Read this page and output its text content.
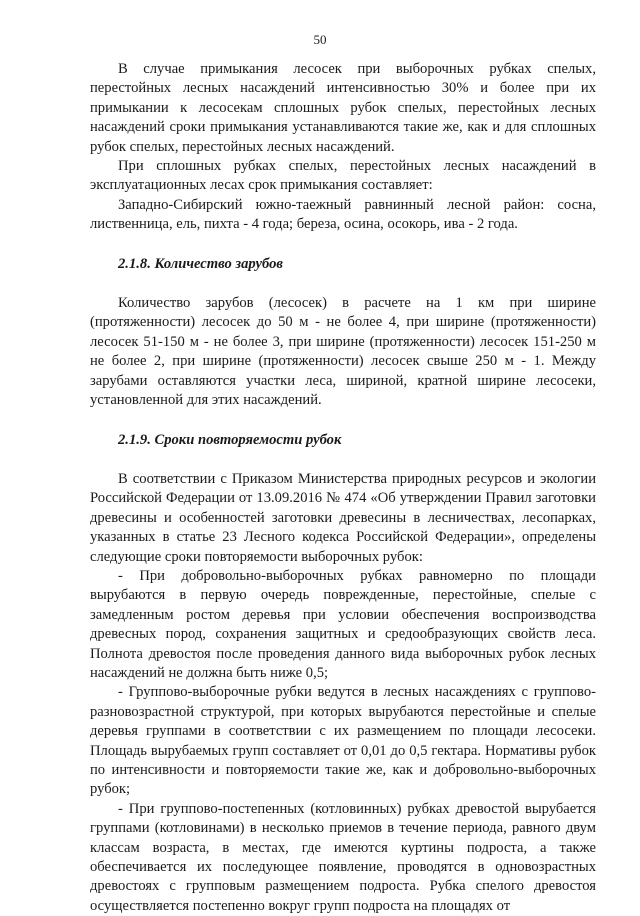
50

В случае примыкания лесосек при выборочных рубках спелых, перестойных лесных насаждений интенсивностью 30% и более при их примыкании к лесосекам сплошных рубок спелых, перестойных лесных насаждений сроки примыкания устанавливаются такие же, как и для сплошных рубок спелых, перестойных лесных насаждений.

При сплошных рубках спелых, перестойных лесных насаждений в эксплуатационных лесах срок примыкания составляет:

Западно-Сибирский южно-таежный равнинный лесной район: сосна, лиственница, ель, пихта - 4 года; береза, осина, осокорь, ива - 2 года.

2.1.8. Количество зарубов

Количество зарубов (лесосек) в расчете на 1 км при ширине (протяженности) лесосек до 50 м - не более 4, при ширине (протяженности) лесосек 51-150 м - не более 3, при ширине (протяженности) лесосек 151-250 м не более 2, при ширине (протяженности) лесосек свыше 250 м - 1. Между зарубами оставляются участки леса, шириной, кратной ширине лесосеки, установленной для этих насаждений.

2.1.9. Сроки повторяемости рубок

В соответствии с Приказом Министерства природных ресурсов и экологии Российской Федерации от 13.09.2016 № 474 «Об утверждении Правил заготовки древесины и особенностей заготовки древесины в лесничествах, лесопарках, указанных в статье 23 Лесного кодекса Российской Федерации», определены следующие сроки повторяемости выборочных рубок:

- При добровольно-выборочных рубках равномерно по площади вырубаются в первую очередь поврежденные, перестойные, спелые с замедленным ростом деревья при условии обеспечения воспроизводства древесных пород, сохранения защитных и средообразующих свойств леса. Полнота древостоя после проведения данного вида выборочных рубок лесных насаждений не должна быть ниже 0,5;

- Группово-выборочные рубки ведутся в лесных насаждениях с группово-разновозрастной структурой, при которых вырубаются перестойные и спелые деревья группами в соответствии с их размещением по площади лесосеки. Площадь вырубаемых групп составляет от 0,01 до 0,5 гектара. Нормативы рубок по интенсивности и повторяемости такие же, как и добровольно-выборочных рубок;

- При группово-постепенных (котловинных) рубках древостой вырубается группами (котловинами) в несколько приемов в течение периода, равного двум классам возраста, в местах, где имеются куртины подроста, а также обеспечивается их последующее появление, проводятся в одновозрастных древостоях с групповым размещением подроста. Рубка спелого древостоя осуществляется постепенно вокруг групп подроста на площадях от
